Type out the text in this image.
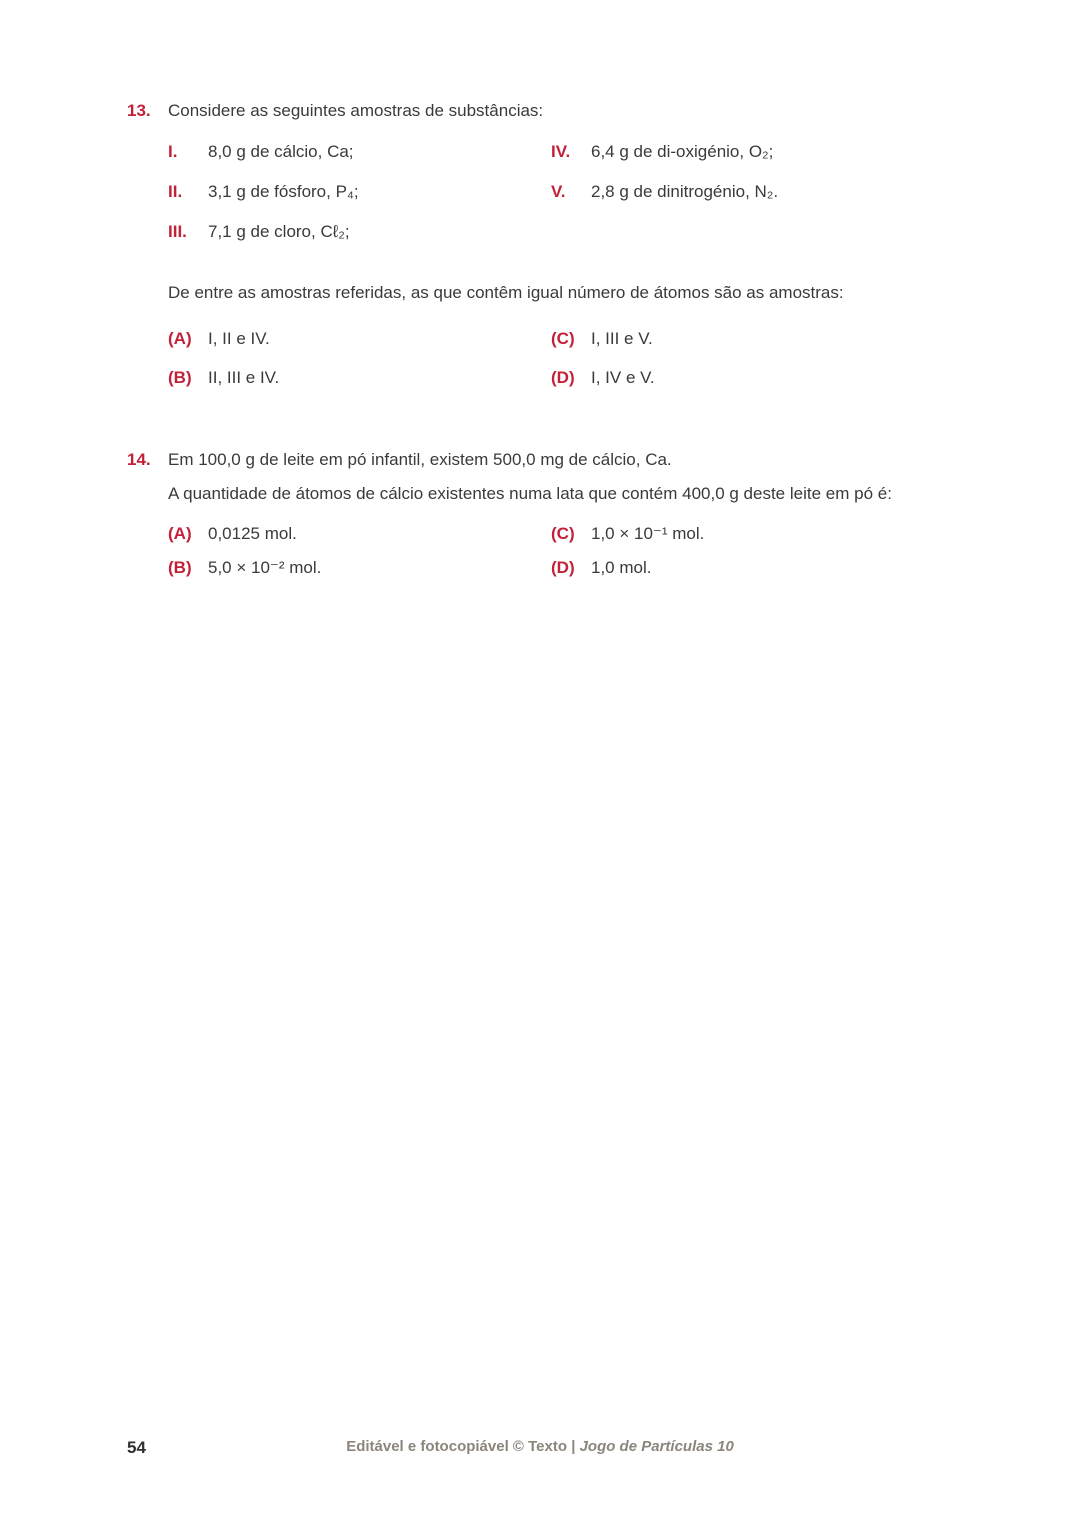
13.	Considere as seguintes amostras de substâncias:

I.	8,0 g de cálcio, Ca;
II.	3,1 g de fósforo, P₄;
III.	7,1 g de cloro, Cℓ₂;
IV.	6,4 g de di-oxigénio, O₂;
V.	2,8 g de dinitrogénio, N₂.

De entre as amostras referidas, as que contêm igual número de átomos são as amostras:

(A) I, II e IV.
(B) II, III e IV.
(C) I, III e V.
(D) I, IV e V.
14.	Em 100,0 g de leite em pó infantil, existem 500,0 mg de cálcio, Ca.

A quantidade de átomos de cálcio existentes numa lata que contém 400,0 g deste leite em pó é:

(A) 0,0125 mol.
(B) 5,0 × 10⁻² mol.
(C) 1,0 × 10⁻¹ mol.
(D) 1,0 mol.
54	Editável e fotocopiável © Texto | Jogo de Partículas 10
